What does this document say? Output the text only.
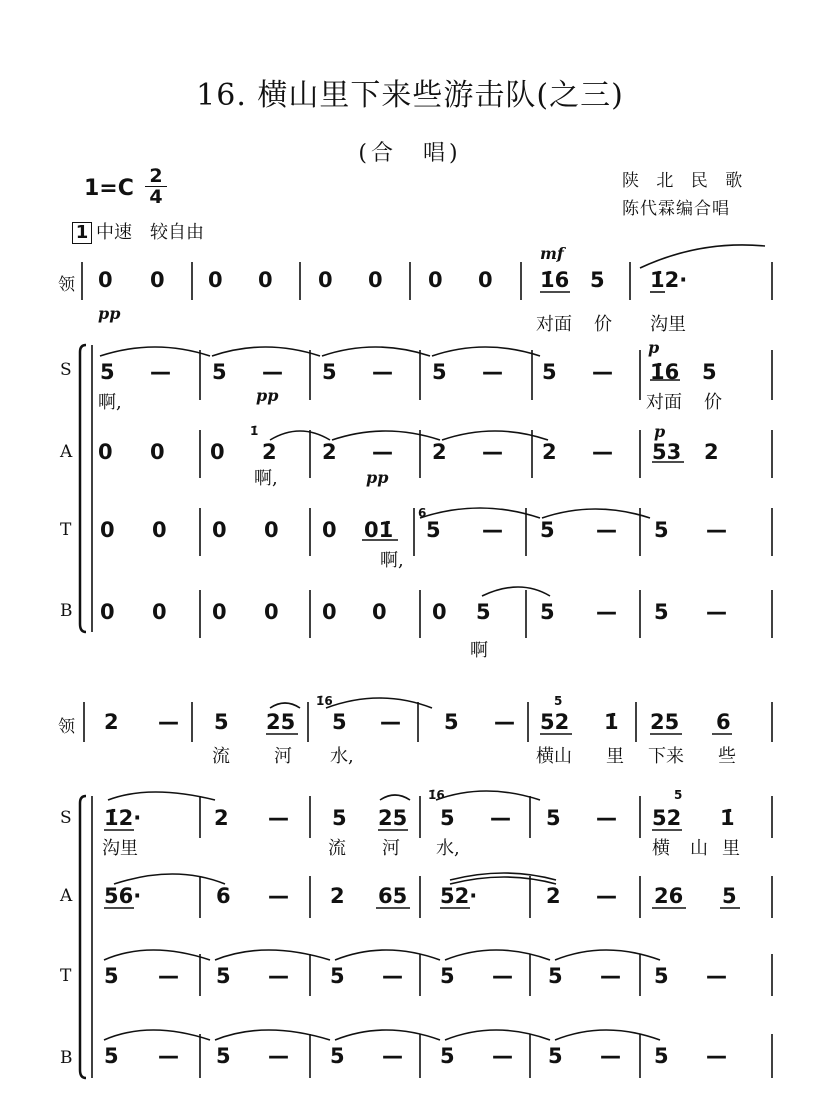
16. 横山里下来些游击队(之三)
(合　唱)
$1=C \frac{2}{4}$	陕 北 民 歌
陈代霖编合唱
1 中速　较自由
领
S
A
T
B
领
S
A
T
B
0 0 0 0 0 0 0 0 1̇6 5 1̇2·
mf
pp
对面 价 沟里
5 — 5 — 5 — 5 — 5 — 1̇6 5
p
pp
啊,	对面 价
0 0 0 2 2 — 2 — 2 — 53 2
p
pp
啊,
1̇
0 0 0 0 0 01̇ 5 — 5 — 5 —
6
啊,
0 0 0 0 0 0 0 5 5 — 5 —
啊
2 — 5 25 5 — 5 — 52 1̇ 25 6
1̇6	5
流 河 水,	横山 里 下来 些
1̇2·	2 — 5 25 5 — 5 — 52 1̇
1̇6	5
沟里	流 河 水,	横 山 里
56·	6 — 2 65 52·	2 — 26 5
5 — 5 — 5 — 5 — 5 — 5 —
5 — 5 — 5 — 5 — 5 — 5 —
